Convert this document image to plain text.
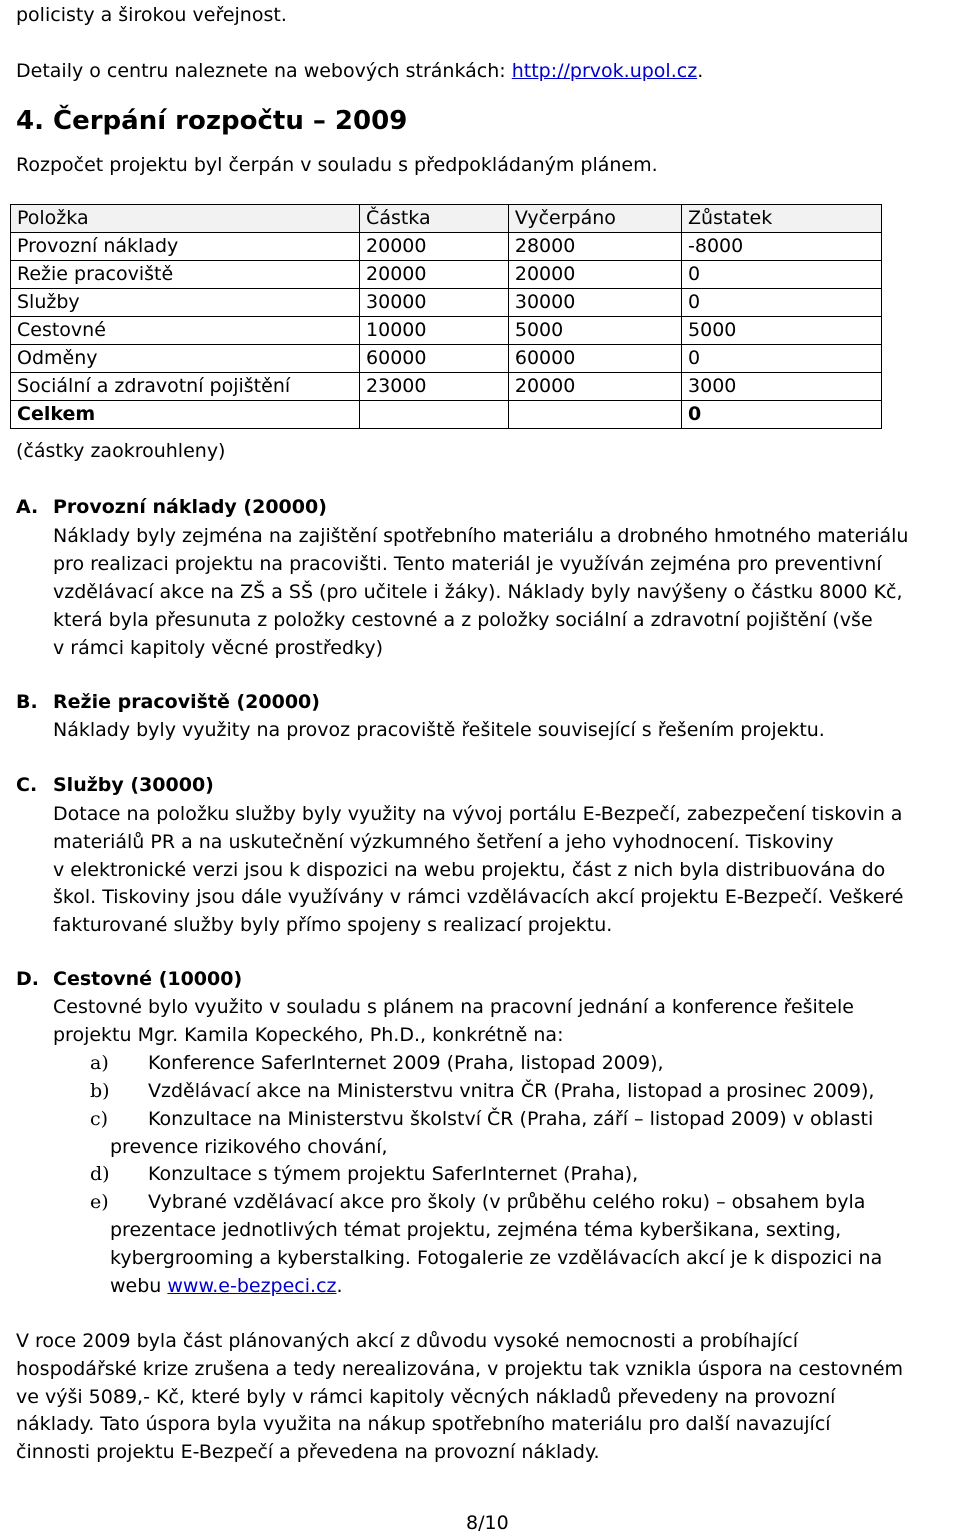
policisty a širokou veřejnost.
Detaily o centru naleznete na webových stránkách: http://prvok.upol.cz.
4. Čerpání rozpočtu – 2009
Rozpočet projektu byl čerpán v souladu s předpokládaným plánem.
Položka	Částka	Vyčerpáno	Zůstatek
Provozní náklady	20000	28000	-8000
Režie pracoviště	20000	20000	0
Služby	30000	30000	0
Cestovné	10000	5000	5000
Odměny	60000	60000	0
Sociální a zdravotní pojištění	23000	20000	3000
Celkem			0
(částky zaokrouhleny)
A. Provozní náklady (20000)
Náklady byly zejména na zajištění spotřebního materiálu a drobného hmotného materiálu
pro realizaci projektu na pracovišti. Tento materiál je využíván zejména pro preventivní
vzdělávací akce na ZŠ a SŠ (pro učitele i žáky). Náklady byly navýšeny o částku 8000 Kč,
která byla přesunuta z položky cestovné a z položky sociální a zdravotní pojištění (vše
v rámci kapitoly věcné prostředky)
B. Režie pracoviště (20000)
Náklady byly využity na provoz pracoviště řešitele související s řešením projektu.
C. Služby (30000)
Dotace na položku služby byly využity na vývoj portálu E-Bezpečí, zabezpečení tiskovin a
materiálů PR a na uskutečnění výzkumného šetření a jeho vyhodnocení. Tiskoviny
v elektronické verzi jsou k dispozici na webu projektu, část z nich byla distribuována do
škol. Tiskoviny jsou dále využívány v rámci vzdělávacích akcí projektu E-Bezpečí. Veškeré
fakturované služby byly přímo spojeny s realizací projektu.
D. Cestovné (10000)
Cestovné bylo využito v souladu s plánem na pracovní jednání a konference řešitele
projektu Mgr. Kamila Kopeckého, Ph.D., konkrétně na:
a) Konference SaferInternet 2009 (Praha, listopad 2009),
b) Vzdělávací akce na Ministerstvu vnitra ČR (Praha, listopad a prosinec 2009),
c) Konzultace na Ministerstvu školství ČR (Praha, září – listopad 2009) v oblasti
prevence rizikového chování,
d) Konzultace s týmem projektu SaferInternet (Praha),
e) Vybrané vzdělávací akce pro školy (v průběhu celého roku) – obsahem byla
prezentace jednotlivých témat projektu, zejména téma kyberšikana, sexting,
kybergrooming a kyberstalking. Fotogalerie ze vzdělávacích akcí je k dispozici na
webu www.e-bezpeci.cz.
V roce 2009 byla část plánovaných akcí z důvodu vysoké nemocnosti a probíhající
hospodářské krize zrušena a tedy nerealizována, v projektu tak vznikla úspora na cestovném
ve výši 5089,- Kč, které byly v rámci kapitoly věcných nákladů převedeny na provozní
náklady. Tato úspora byla využita na nákup spotřebního materiálu pro další navazující
činnosti projektu E-Bezpečí a převedena na provozní náklady.
8/10
